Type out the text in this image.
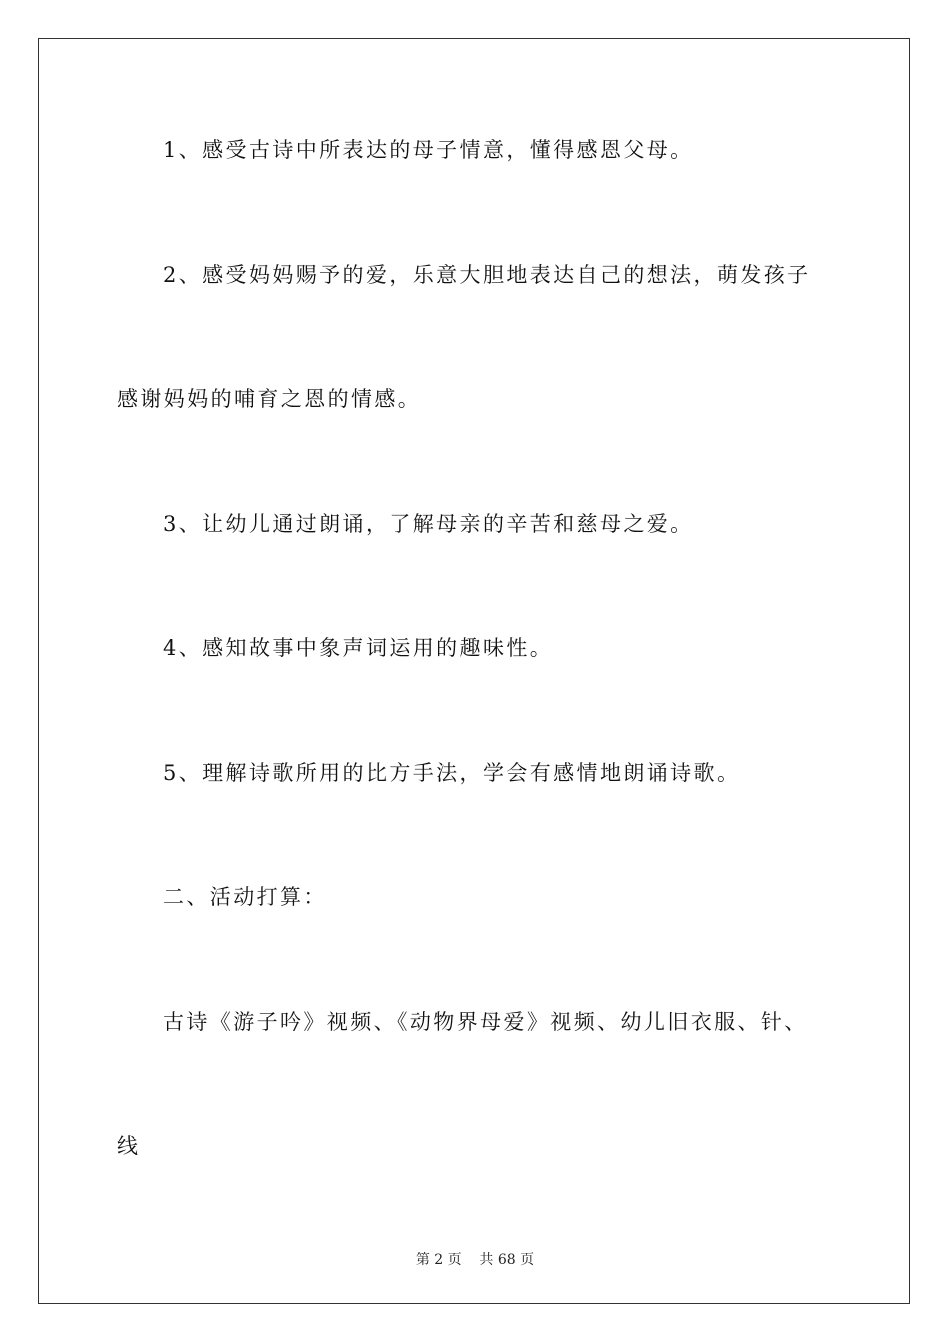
1、感受古诗中所表达的母子情意，懂得感恩父母。
2、感受妈妈赐予的爱，乐意大胆地表达自己的想法，萌发孩子
感谢妈妈的哺育之恩的情感。
3、让幼儿通过朗诵，了解母亲的辛苦和慈母之爱。
4、感知故事中象声词运用的趣味性。
5、理解诗歌所用的比方手法，学会有感情地朗诵诗歌。
二、活动打算：
古诗《游子吟》视频、《动物界母爱》视频、幼儿旧衣服、针、
线
第 2 页    共 68 页
